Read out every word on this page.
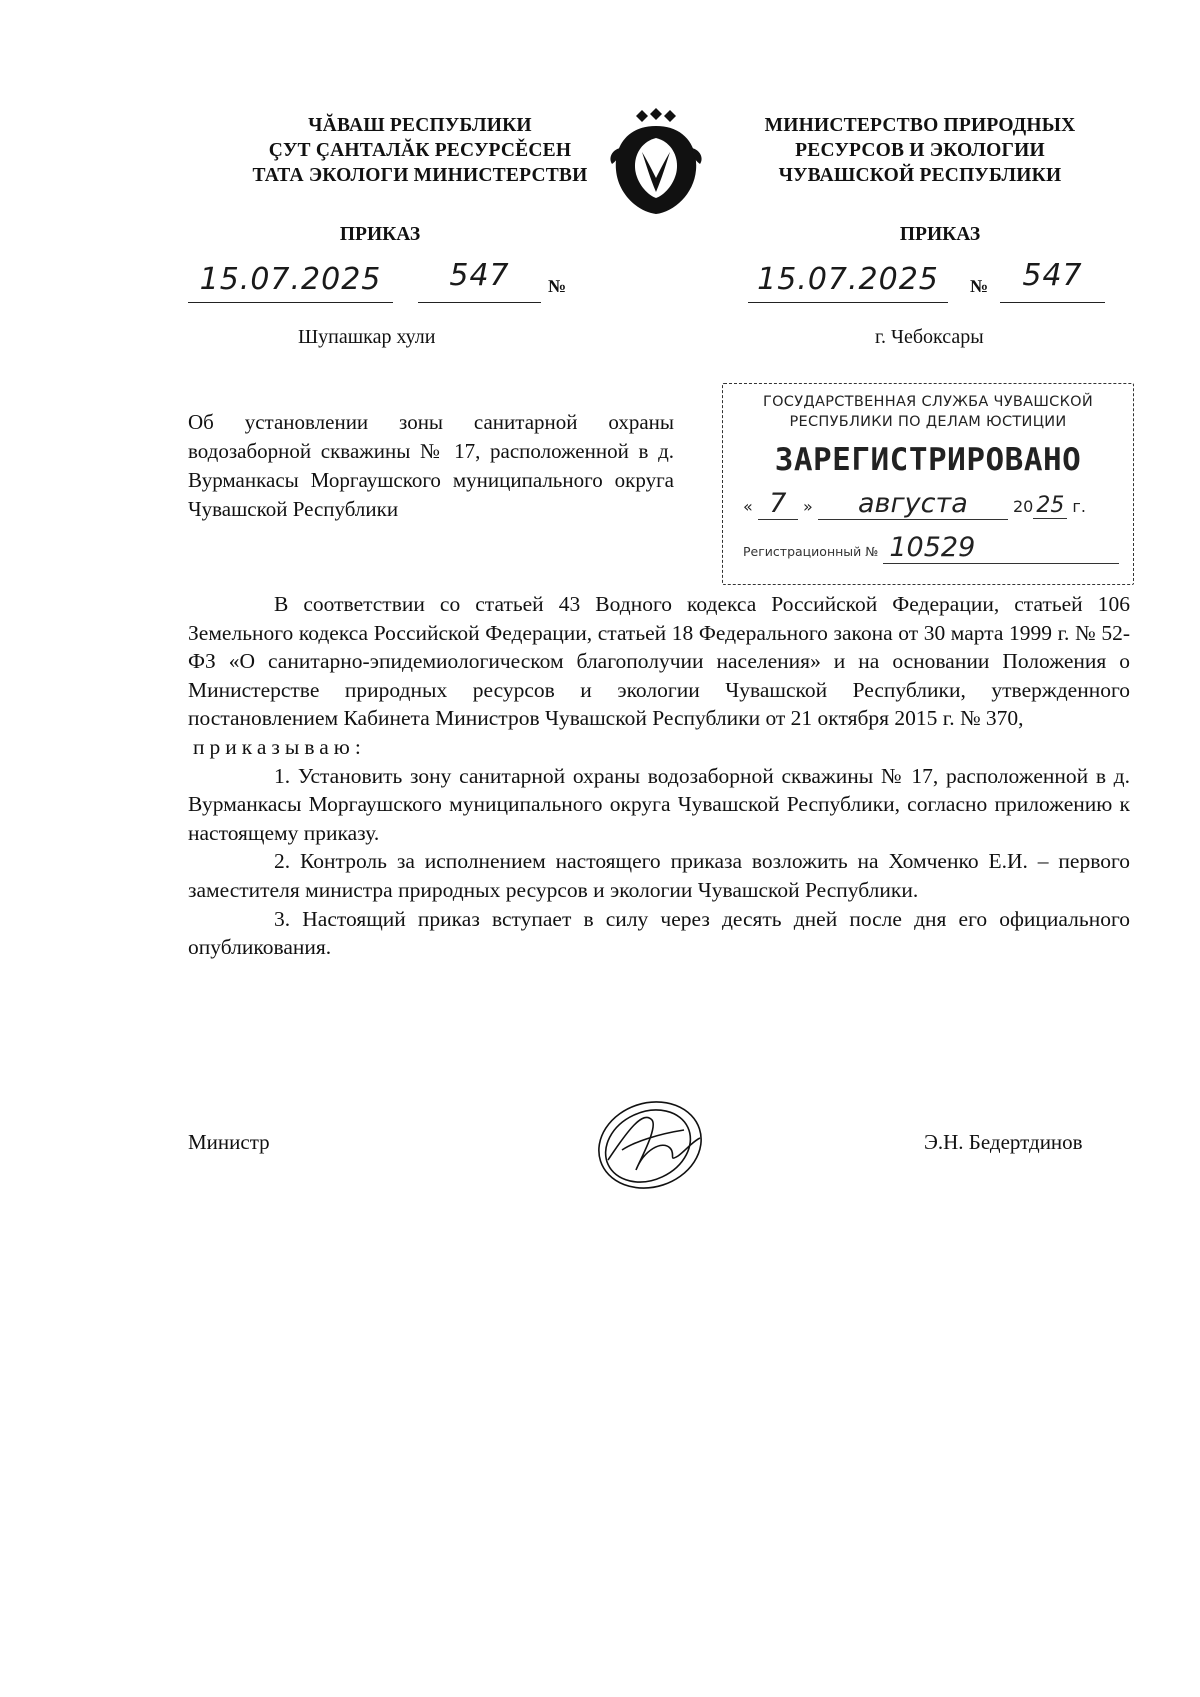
ЧĂВАШ РЕСПУБЛИКИ
ÇУТ ÇАНТАЛĂК РЕСУРСĚСЕН
ТАТА ЭКОЛОГИ МИНИСТЕРСТВИ
МИНИСТЕРСТВО ПРИРОДНЫХ
РЕСУРСОВ И ЭКОЛОГИИ
ЧУВАШСКОЙ РЕСПУБЛИКИ
ПРИКАЗ	ПРИКАЗ
15.07.2025	547	№	15.07.2025	№	547
Шупашкар хули	г. Чебоксары
Об установлении зоны санитарной охраны водозаборной скважины № 17, расположенной в д. Вурманкасы Моргаушского муниципального округа Чувашской Республики
ГОСУДАРСТВЕННАЯ СЛУЖБА ЧУВАШСКОЙ
РЕСПУБЛИКИ ПО ДЕЛАМ ЮСТИЦИИ
ЗАРЕГИСТРИРОВАНО
« 7 » августа	20 25 г.
Регистрационный № 10529

В соответствии со статьей 43 Водного кодекса Российской Федерации, статьей 106 Земельного кодекса Российской Федерации, статьей 18 Федерального закона от 30 марта 1999 г. № 52-ФЗ «О санитарно-эпидемиологическом благополучии населения» и на основании Положения о Министерстве природных ресурсов и экологии Чувашской Республики, утвержденного постановлением Кабинета Министров Чувашской Республики от 21 октября 2015 г. № 370,

приказываю:

1. Установить зону санитарной охраны водозаборной скважины № 17, расположенной в д. Вурманкасы Моргаушского муниципального округа Чувашской Республики, согласно приложению к настоящему приказу.

2. Контроль за исполнением настоящего приказа возложить на Хомченко Е.И. – первого заместителя министра природных ресурсов и экологии Чувашской Республики.

3. Настоящий приказ вступает в силу через десять дней после дня его официального опубликования.

Министр	Э.Н. Бедертдинов
